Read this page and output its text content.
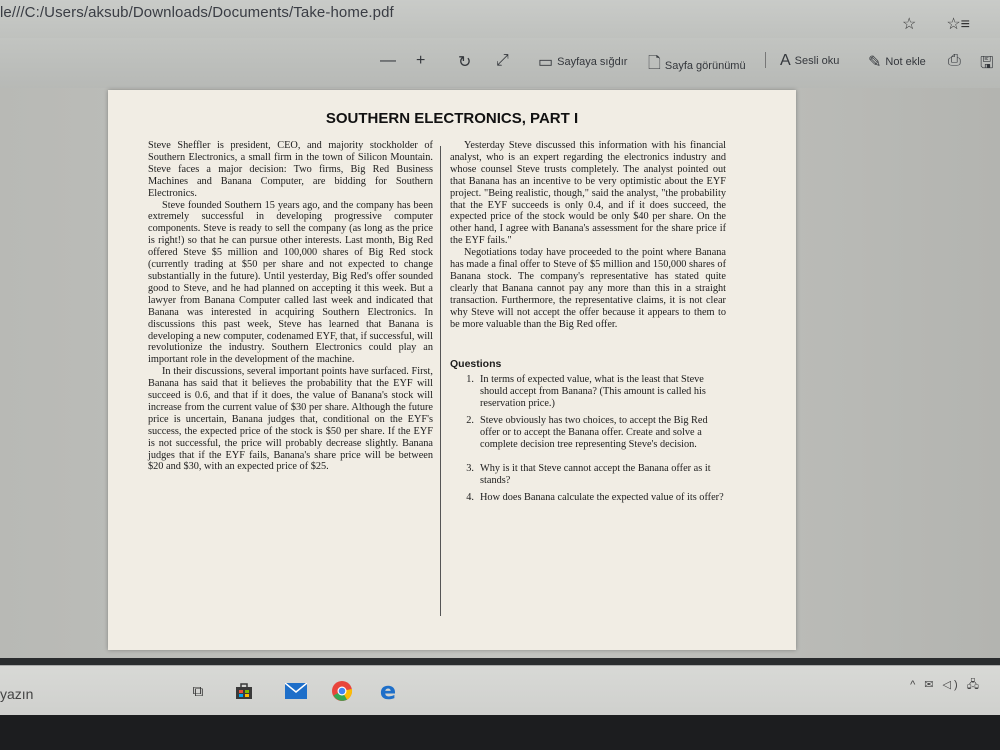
le///C:/Users/aksub/Downloads/Documents/Take-home.pdf
☆ ☆≡
— + ↻ ⤢ ▭ Sayfaya sığdır 🗋 Sayfa görünümü A Sesli oku ✎ Not ekle ⎙ 🖫
SOUTHERN ELECTRONICS, PART I

Steve Sheffler is president, CEO, and majority stockholder of Southern Electronics, a small firm in the town of Silicon Mountain. Steve faces a major decision: Two firms, Big Red Business Machines and Banana Computer, are bidding for Southern Electronics.

Steve founded Southern 15 years ago, and the company has been extremely successful in developing progressive computer components. Steve is ready to sell the company (as long as the price is right!) so that he can pursue other interests. Last month, Big Red offered Steve $5 million and 100,000 shares of Big Red stock (currently trading at $50 per share and not expected to change substantially in the future). Until yesterday, Big Red's offer sounded good to Steve, and he had planned on accepting it this week. But a lawyer from Banana Computer called last week and indicated that Banana was interested in acquiring Southern Electronics. In discussions this past week, Steve has learned that Banana is developing a new computer, codenamed EYF, that, if successful, will revolutionize the industry. Southern Electronics could play an important role in the development of the machine.

In their discussions, several important points have surfaced. First, Banana has said that it believes the probability that the EYF will succeed is 0.6, and that if it does, the value of Banana's stock will increase from the current value of $30 per share. Although the future price is uncertain, Banana judges that, conditional on the EYF's success, the expected price of the stock is $50 per share. If the EYF is not successful, the price will probably decrease slightly. Banana judges that if the EYF fails, Banana's share price will be between $20 and $30, with an expected price of $25.

Yesterday Steve discussed this information with his financial analyst, who is an expert regarding the electronics industry and whose counsel Steve trusts completely. The analyst pointed out that Banana has an incentive to be very optimistic about the EYF project. "Being realistic, though," said the analyst, "the probability that the EYF succeeds is only 0.4, and if it does succeed, the expected price of the stock would be only $40 per share. On the other hand, I agree with Banana's assessment for the share price if the EYF fails."

Negotiations today have proceeded to the point where Banana has made a final offer to Steve of $5 million and 150,000 shares of Banana stock. The company's representative has stated quite clearly that Banana cannot pay any more than this in a straight transaction. Furthermore, the representative claims, it is not clear why Steve will not accept the offer because it appears to them to be more valuable than the Big Red offer.

Questions
1. In terms of expected value, what is the least that Steve should accept from Banana? (This amount is called his reservation price.)
2. Steve obviously has two choices, to accept the Big Red offer or to accept the Banana offer. Create and solve a complete decision tree representing Steve's decision.
3. Why is it that Steve cannot accept the Banana offer as it stands?
4. How does Banana calculate the expected value of its offer?
yazın	⧉	e	^ ✉ ◁) 🖧
